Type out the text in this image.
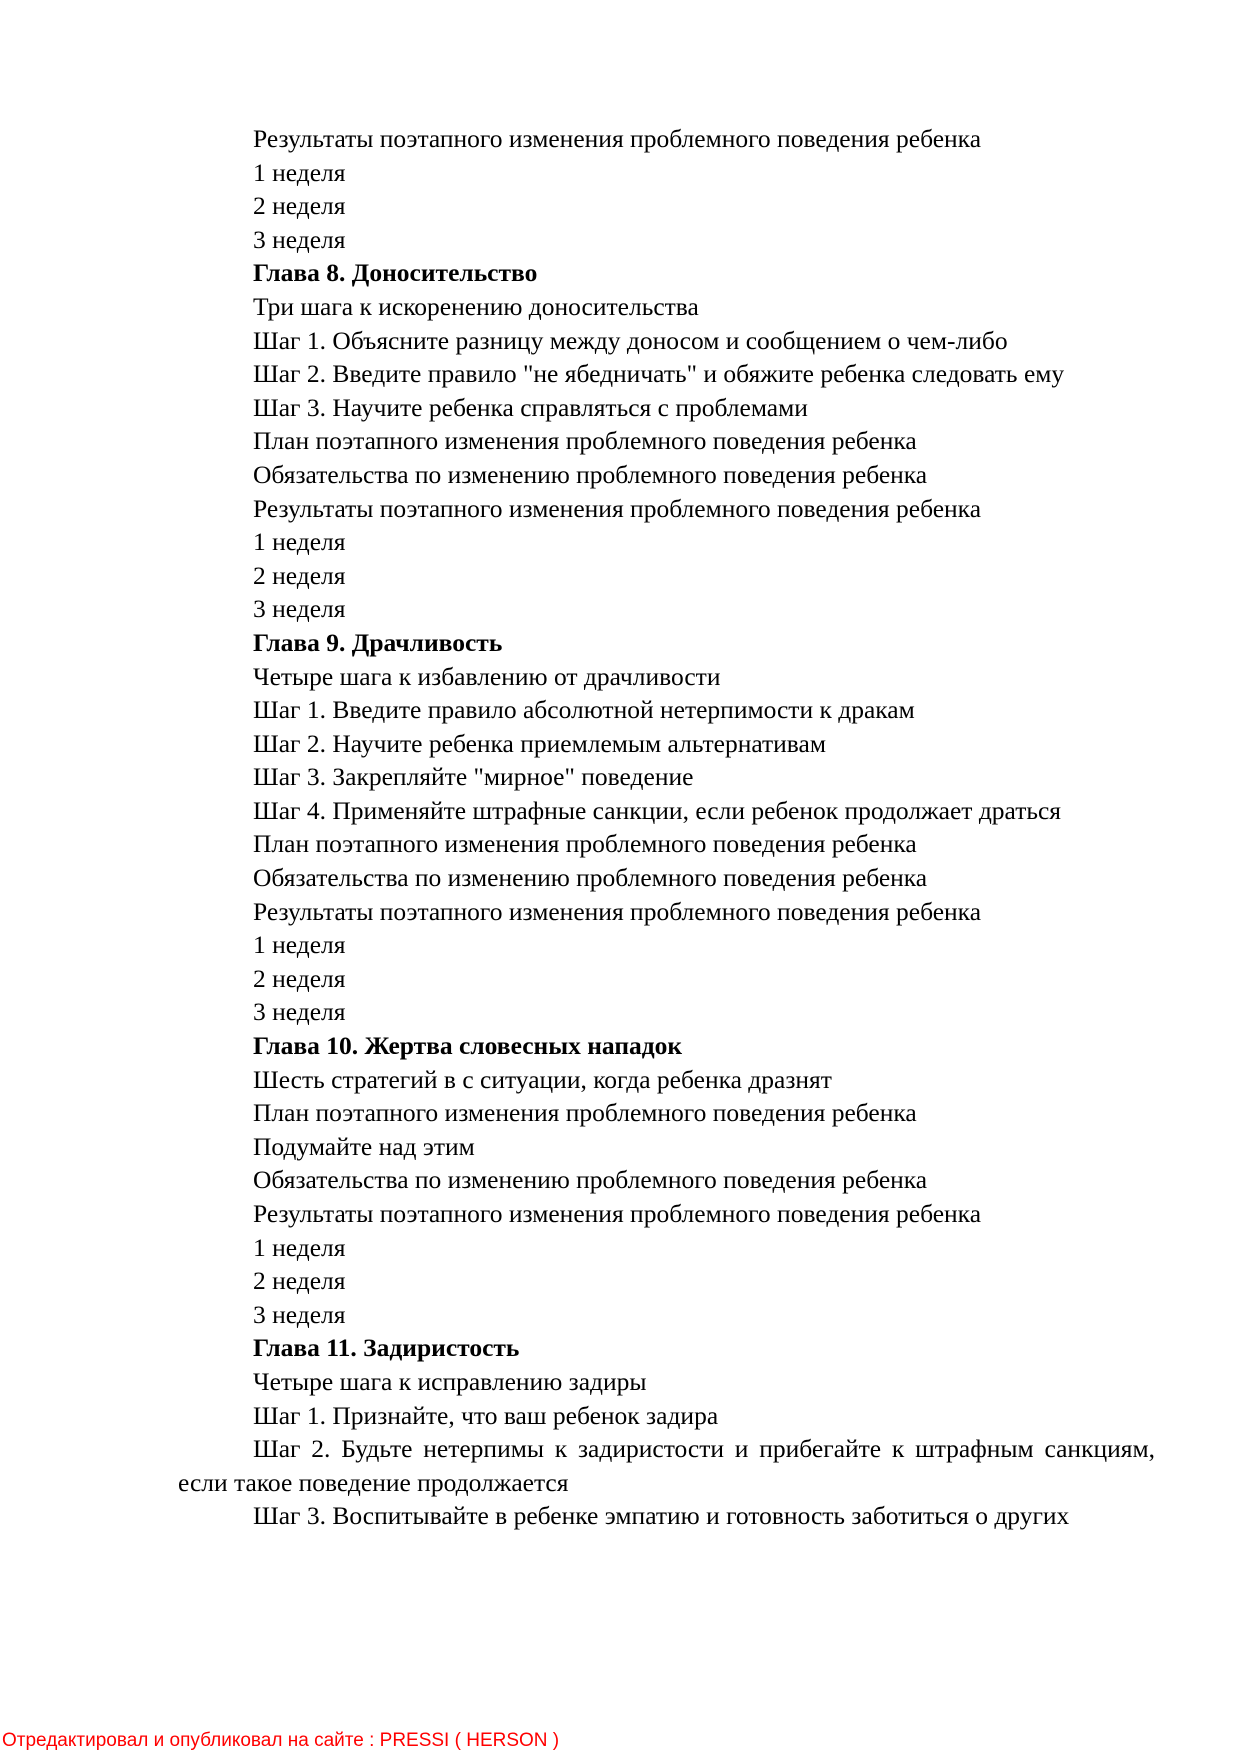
Результаты поэтапного изменения проблемного поведения ребенка
1 неделя
2 неделя
3 неделя
Глава 8. Доносительство
Три шага к искоренению доносительства
Шаг 1. Объясните разницу между доносом и сообщением о чем-либо
Шаг 2. Введите правило "не ябедничать" и обяжите ребенка следовать ему
Шаг 3. Научите ребенка справляться с проблемами
План поэтапного изменения проблемного поведения ребенка
Обязательства по изменению проблемного поведения ребенка
Результаты поэтапного изменения проблемного поведения ребенка
1 неделя
2 неделя
3 неделя
Глава 9. Драчливость
Четыре шага к избавлению от драчливости
Шаг 1. Введите правило абсолютной нетерпимости к дракам
Шаг 2. Научите ребенка приемлемым альтернативам
Шаг 3. Закрепляйте "мирное" поведение
Шаг 4. Применяйте штрафные санкции, если ребенок продолжает драться
План поэтапного изменения проблемного поведения ребенка
Обязательства по изменению проблемного поведения ребенка
Результаты поэтапного изменения проблемного поведения ребенка
1 неделя
2 неделя
3 неделя
Глава 10. Жертва словесных нападок
Шесть стратегий в с ситуации, когда ребенка дразнят
План поэтапного изменения проблемного поведения ребенка
Подумайте над этим
Обязательства по изменению проблемного поведения ребенка
Результаты поэтапного изменения проблемного поведения ребенка
1 неделя
2 неделя
3 неделя
Глава 11. Задиристость
Четыре шага к исправлению задиры
Шаг 1. Признайте, что ваш ребенок задира
Шаг 2. Будьте нетерпимы к задиристости и прибегайте к штрафным санкциям, если такое поведение продолжается
Шаг 3. Воспитывайте в ребенке эмпатию и готовность заботиться о других
Отредактировал и опубликовал на сайте : PRESSI ( HERSON )
